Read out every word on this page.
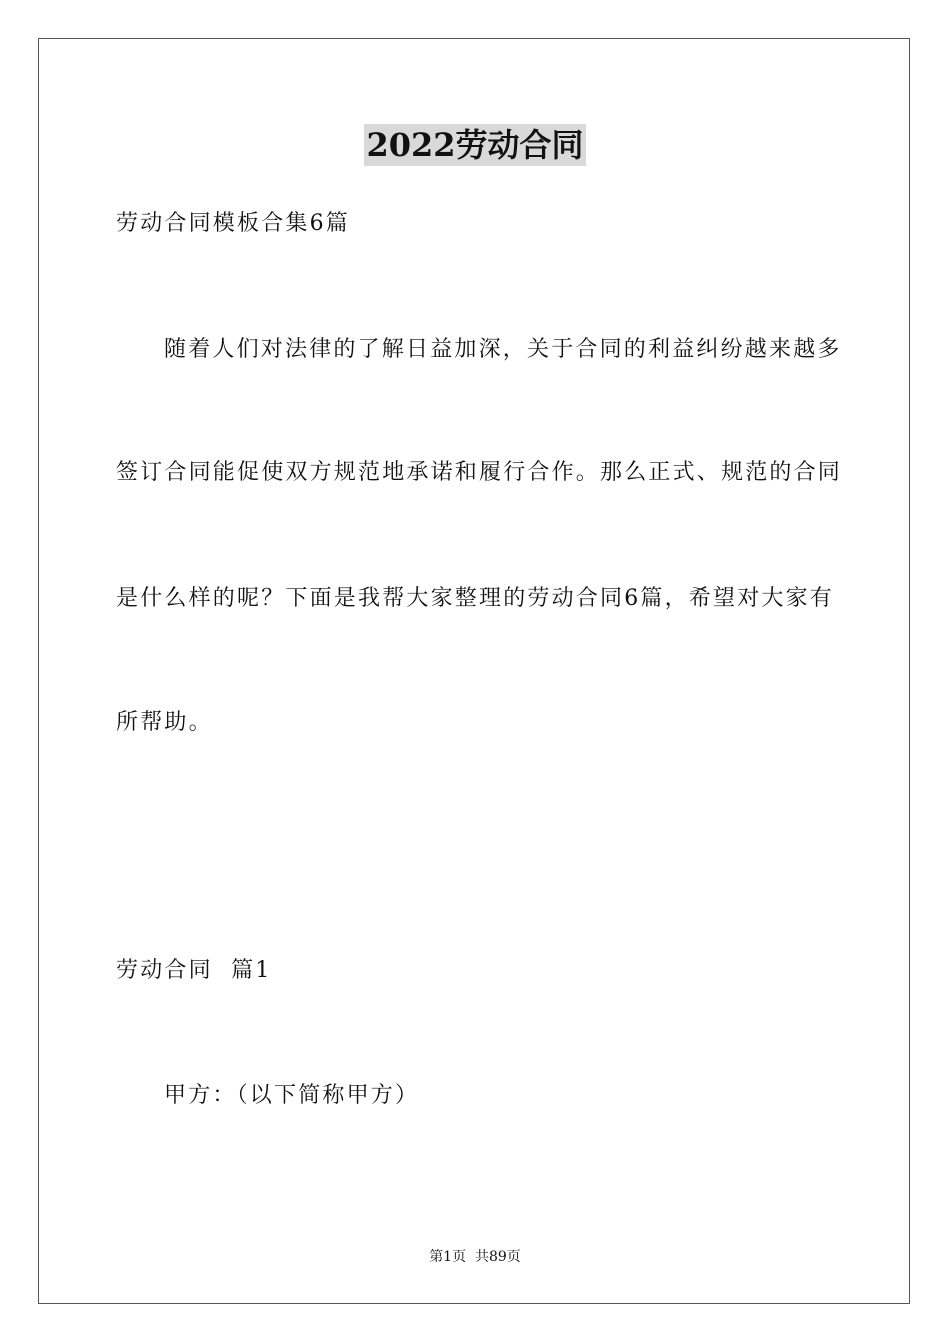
2022劳动合同
劳动合同模板合集6篇
随着人们对法律的了解日益加深，关于合同的利益纠纷越来越多
签订合同能促使双方规范地承诺和履行合作。那么正式、规范的合同
是什么样的呢？下面是我帮大家整理的劳动合同6篇，希望对大家有
所帮助。
劳动合同  篇1
甲方：（以下简称甲方）
第1页  共89页
